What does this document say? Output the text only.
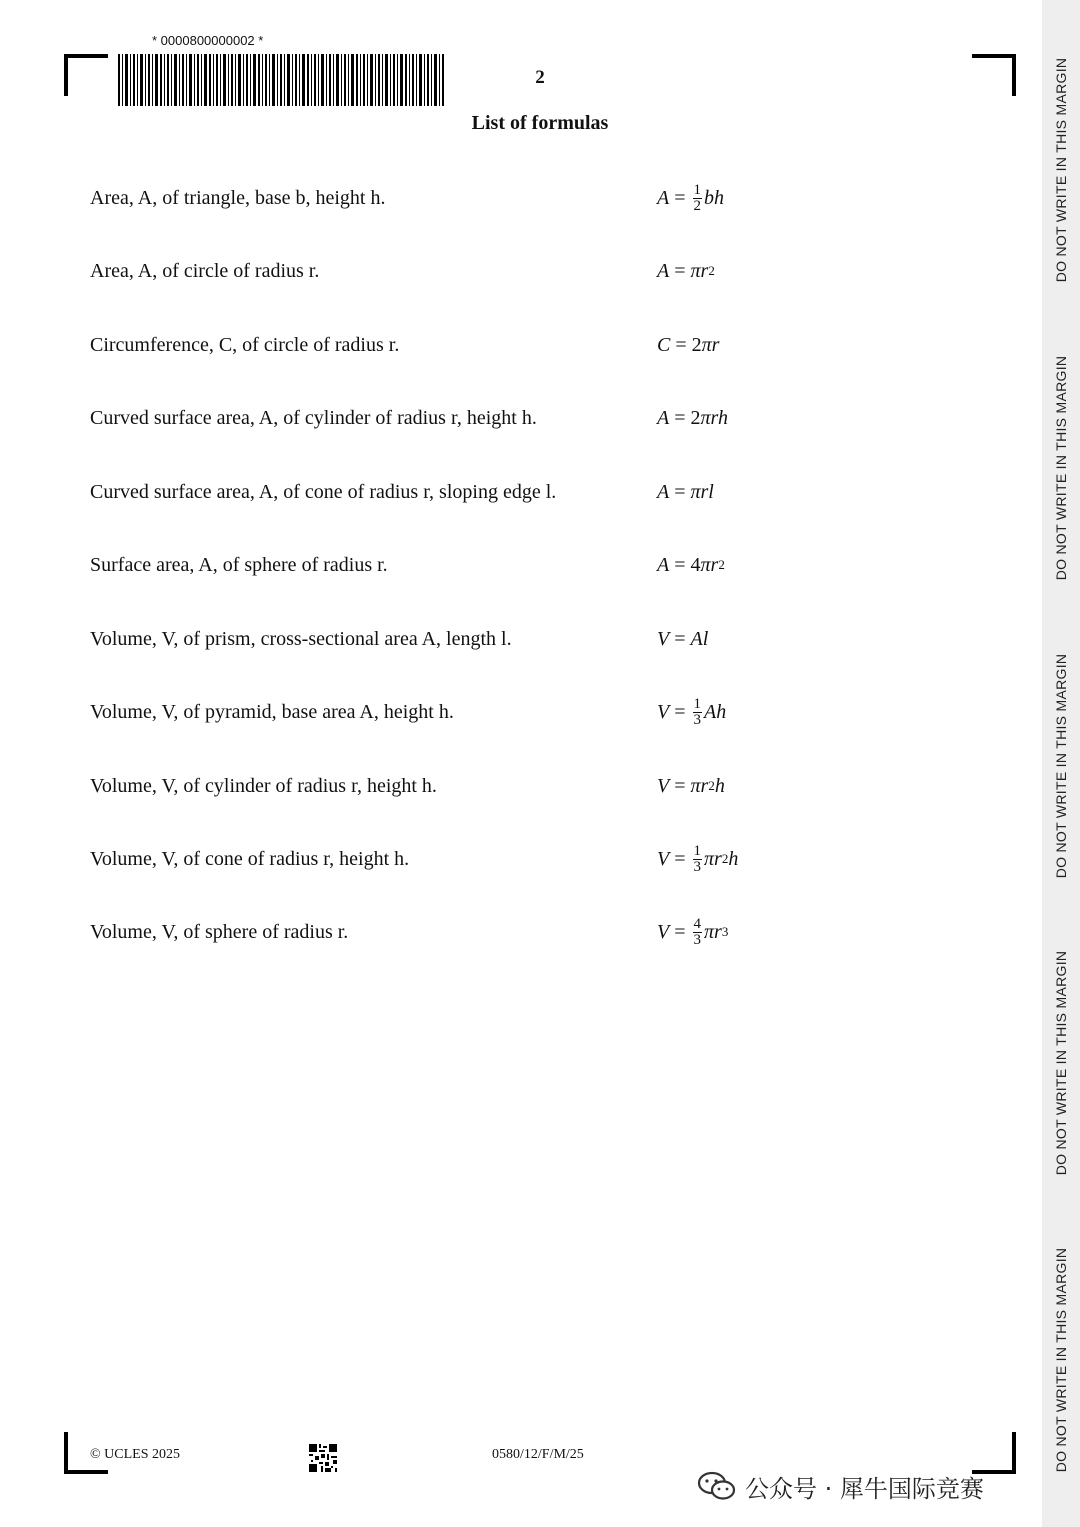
DO NOT WRITE IN THIS MARGIN
DO NOT WRITE IN THIS MARGIN
DO NOT WRITE IN THIS MARGIN
DO NOT WRITE IN THIS MARGIN
DO NOT WRITE IN THIS MARGIN
* 0000800000002 *
2
List of formulas
Area, A, of triangle, base b, height h.	$A = \frac{1}{2}$ bh
Area, A, of circle of radius r.	A = πr 2
Circumference, C, of circle of radius r.	C = 2 πr
Curved surface area, A, of cylinder of radius r, height h.	A = 2 πrh
Curved surface area, A, of cone of radius r, sloping edge l.	A = πrl
Surface area, A, of sphere of radius r.	A = 4 πr 2
Volume, V, of prism, cross-sectional area A, length l.	V = Al
Volume, V, of pyramid, base area A, height h.	$V = \frac{1}{3}$ Ah
Volume, V, of cylinder of radius r, height h.	V = πr 2 h
Volume, V, of cone of radius r, height h.	$V = \frac{1}{3}$ πr 2 h
Volume, V, of sphere of radius r.	$V = \frac{4}{3}$ πr 3
© UCLES 2025	0580/12/F/M/25
公众号 · 犀牛国际竞赛
